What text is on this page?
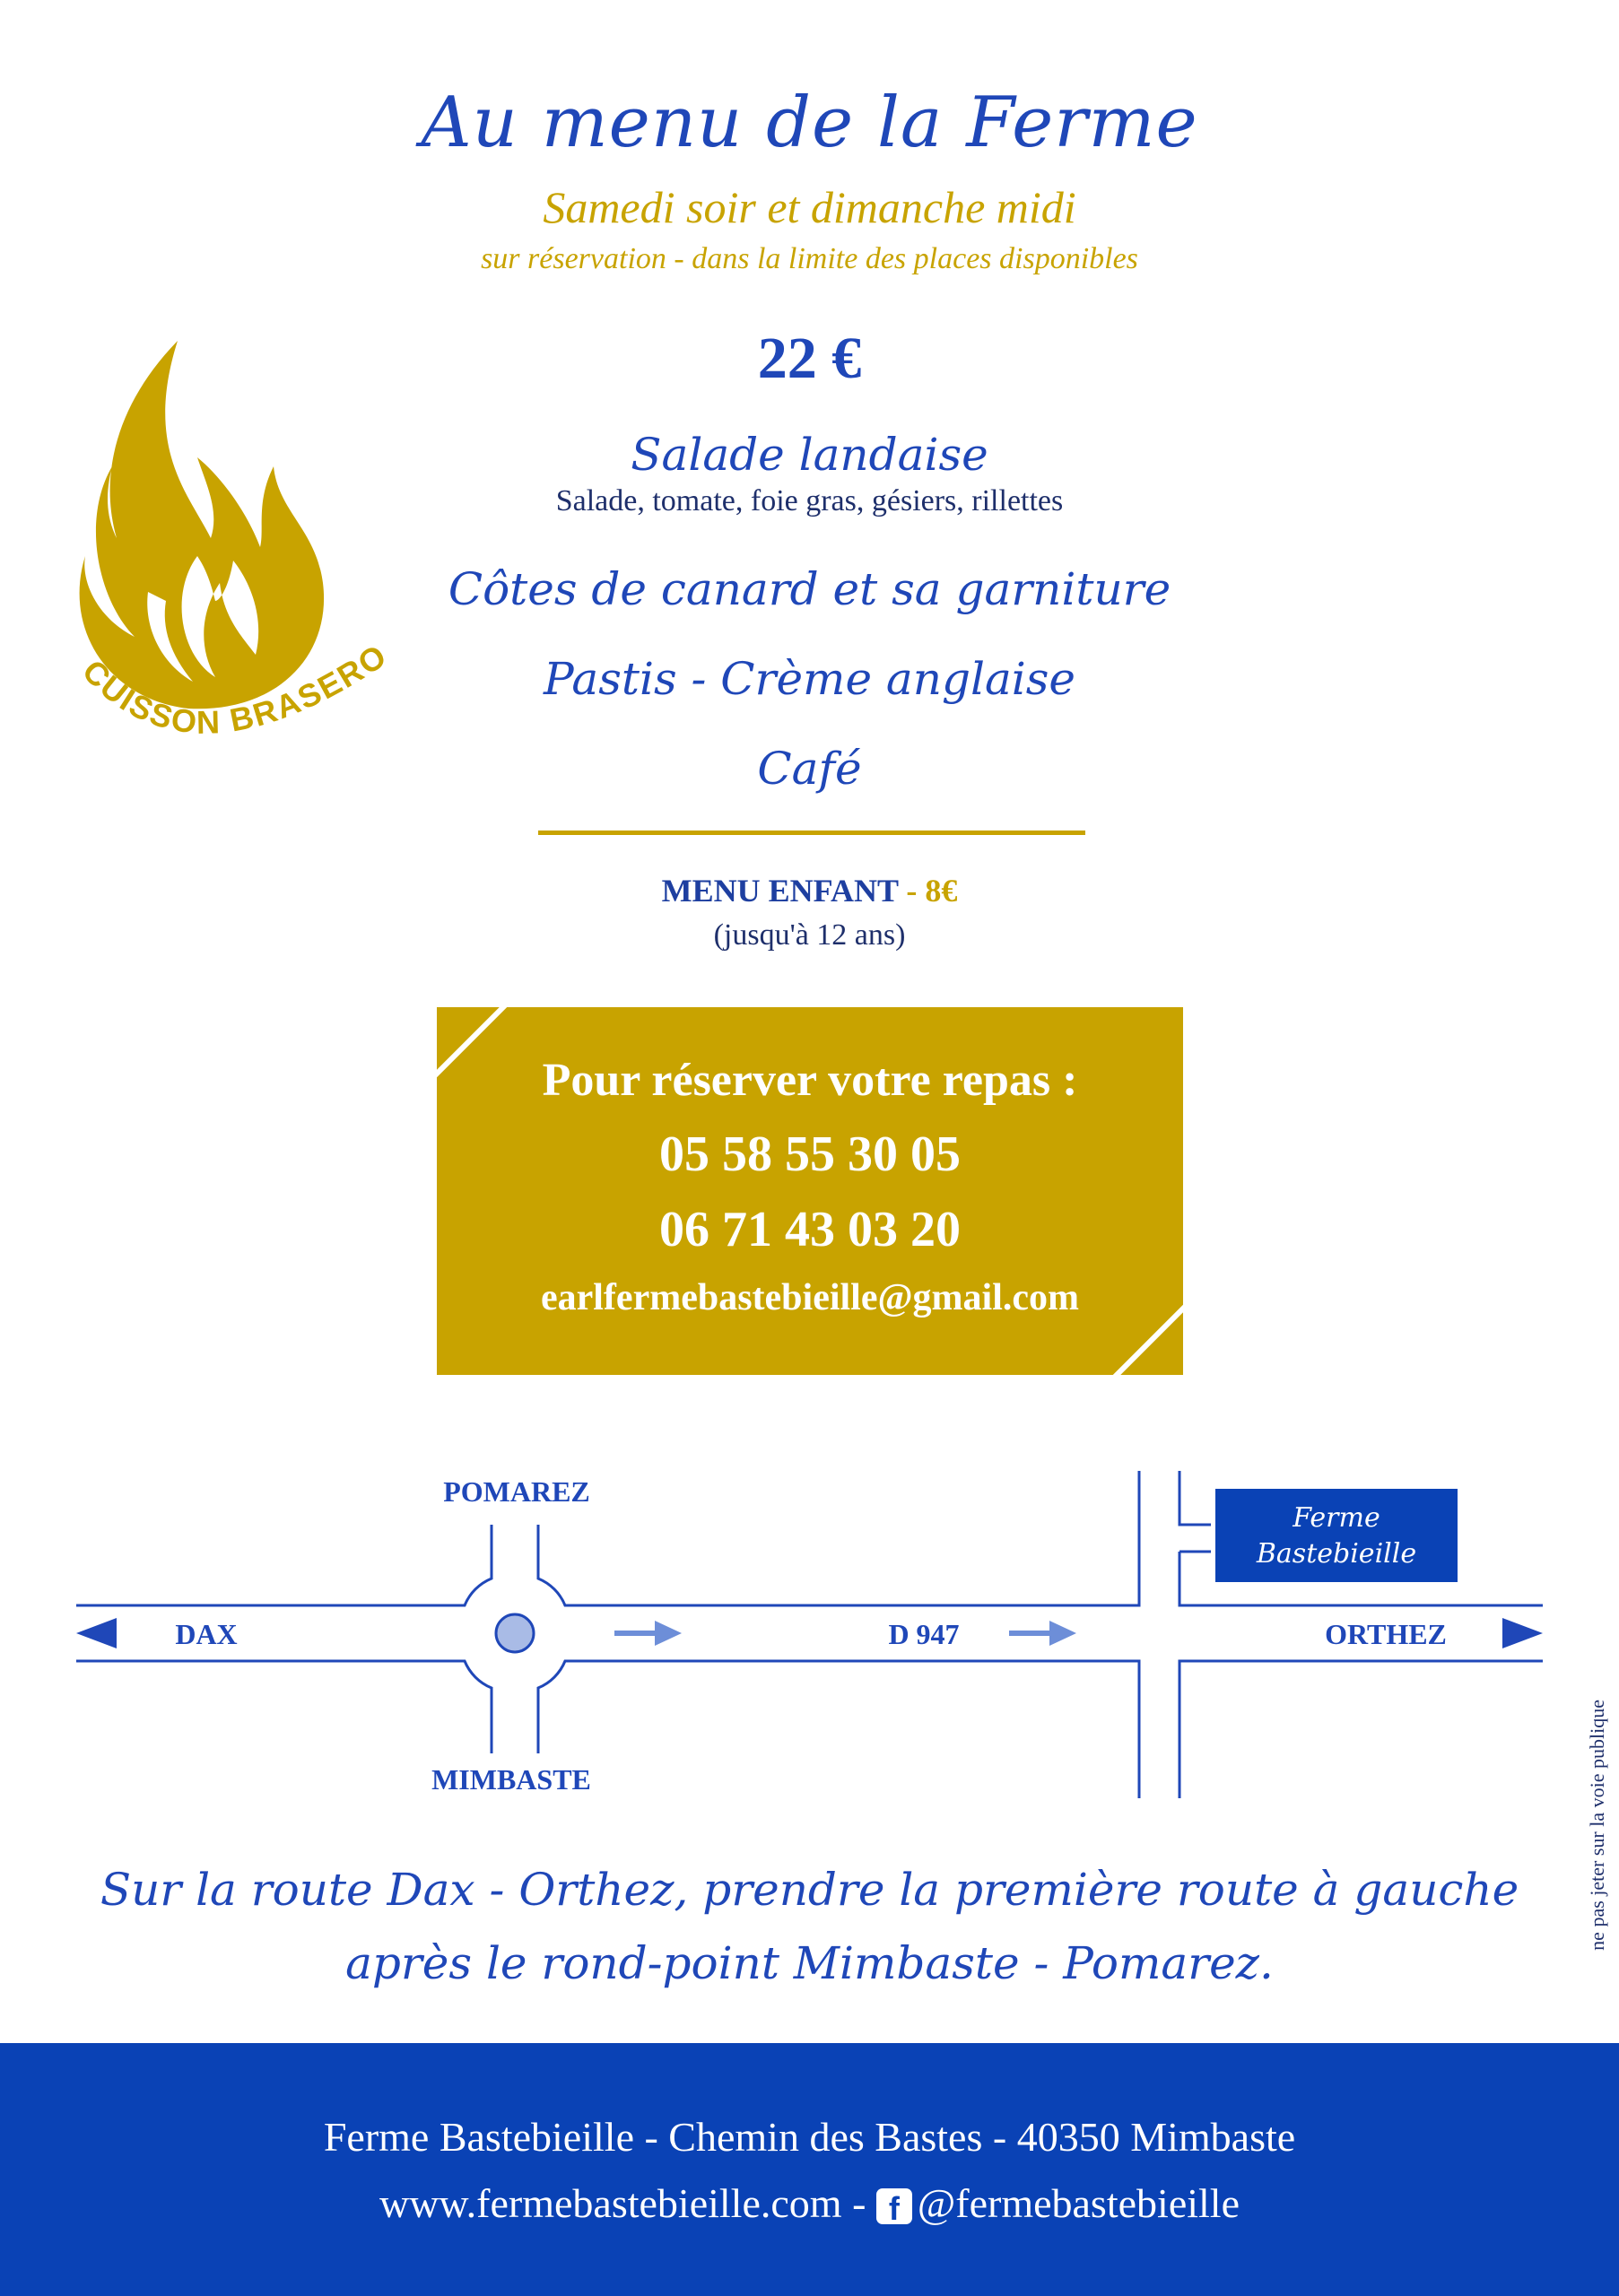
Au menu de la Ferme
Samedi soir et dimanche midi
sur réservation - dans la limite des places disponibles
22 €
CUISSON BRASERO
Salade landaise
Salade, tomate, foie gras, gésiers, rillettes
Côtes de canard et sa garniture
Pastis - Crème anglaise
Café
MENU ENFANT - 8€
(jusqu'à 12 ans)
Pour réserver votre repas :
05 58 55 30 05
06 71 43 03 20
earlfermebastebieille@gmail.com
POMAREZ
MIMBASTE
DAX	D 947	ORTHEZ
Ferme
Bastebieille
Sur la route Dax - Orthez, prendre la première route à gauche
après le rond-point Mimbaste - Pomarez.
ne pas jeter sur la voie publique
Ferme Bastebieille - Chemin des Bastes - 40350 Mimbaste
www.fermebastebieille.com - f @fermebastebieille
